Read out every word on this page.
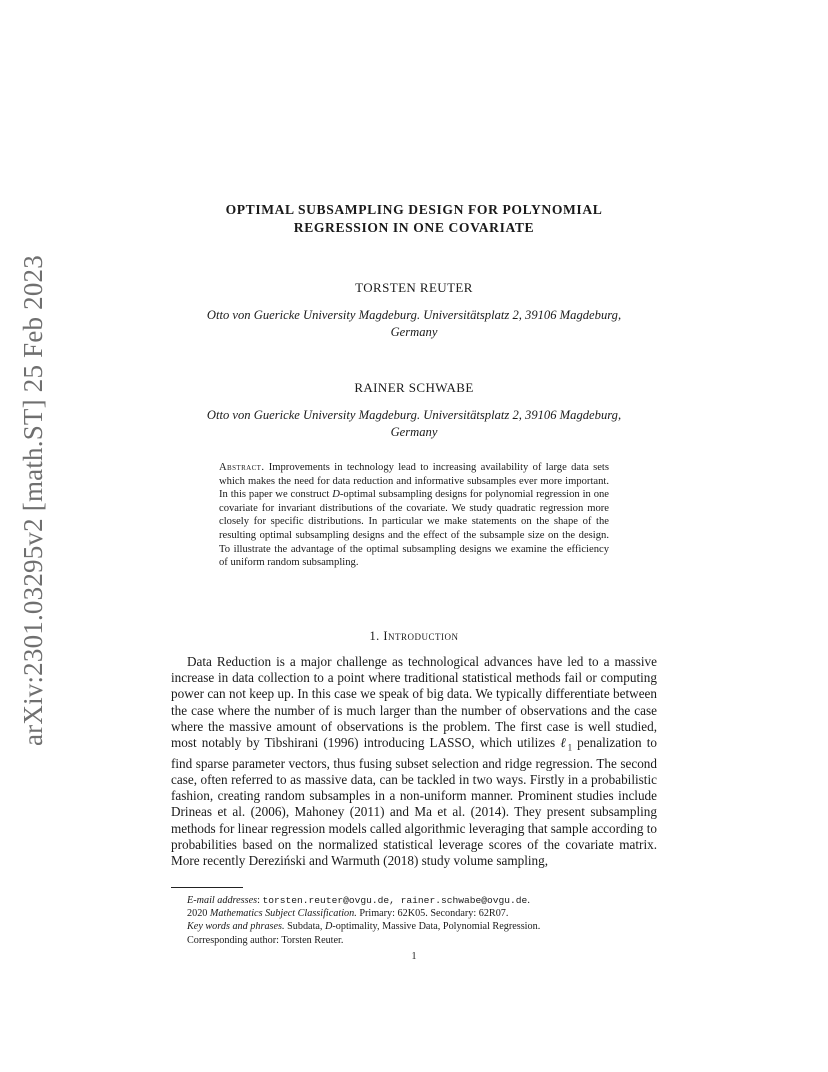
arXiv:2301.03295v2 [math.ST] 25 Feb 2023
OPTIMAL SUBSAMPLING DESIGN FOR POLYNOMIAL
REGRESSION IN ONE COVARIATE
TORSTEN REUTER
Otto von Guericke University Magdeburg. Universitätsplatz 2, 39106 Magdeburg,
Germany
RAINER SCHWABE
Otto von Guericke University Magdeburg. Universitätsplatz 2, 39106 Magdeburg,
Germany
Abstract. Improvements in technology lead to increasing availability of large data sets which makes the need for data reduction and informative subsamples ever more important. In this paper we construct D-optimal subsampling designs for polynomial regression in one covariate for invariant distributions of the covariate. We study quadratic regression more closely for specific distributions. In particular we make statements on the shape of the resulting optimal subsampling designs and the effect of the subsample size on the design. To illustrate the advantage of the optimal subsampling designs we examine the efficiency of uniform random subsampling.
1. Introduction

Data Reduction is a major challenge as technological advances have led to a massive increase in data collection to a point where traditional statistical methods fail or computing power can not keep up. In this case we speak of big data. We typically differentiate between the case where the number of is much larger than the number of observations and the case where the massive amount of observations is the problem. The first case is well studied, most notably by Tibshirani (1996) introducing LASSO, which utilizes ℓ$_1$ penalization to find sparse parameter vectors, thus fusing subset selection and ridge regression. The second case, often referred to as massive data, can be tackled in two ways. Firstly in a probabilistic fashion, creating random subsamples in a non-uniform manner. Prominent studies include Drineas et al. (2006), Mahoney (2011) and Ma et al. (2014). They present subsampling methods for linear regression models called algorithmic leveraging that sample according to probabilities based on the normalized statistical leverage scores of the covariate matrix. More recently Dereziński and Warmuth (2018) study volume sampling,

E-mail addresses: torsten.reuter@ovgu.de, rainer.schwabe@ovgu.de.
2020 Mathematics Subject Classification. Primary: 62K05. Secondary: 62R07.
Key words and phrases. Subdata, D-optimality, Massive Data, Polynomial Regression.
Corresponding author: Torsten Reuter.
1
